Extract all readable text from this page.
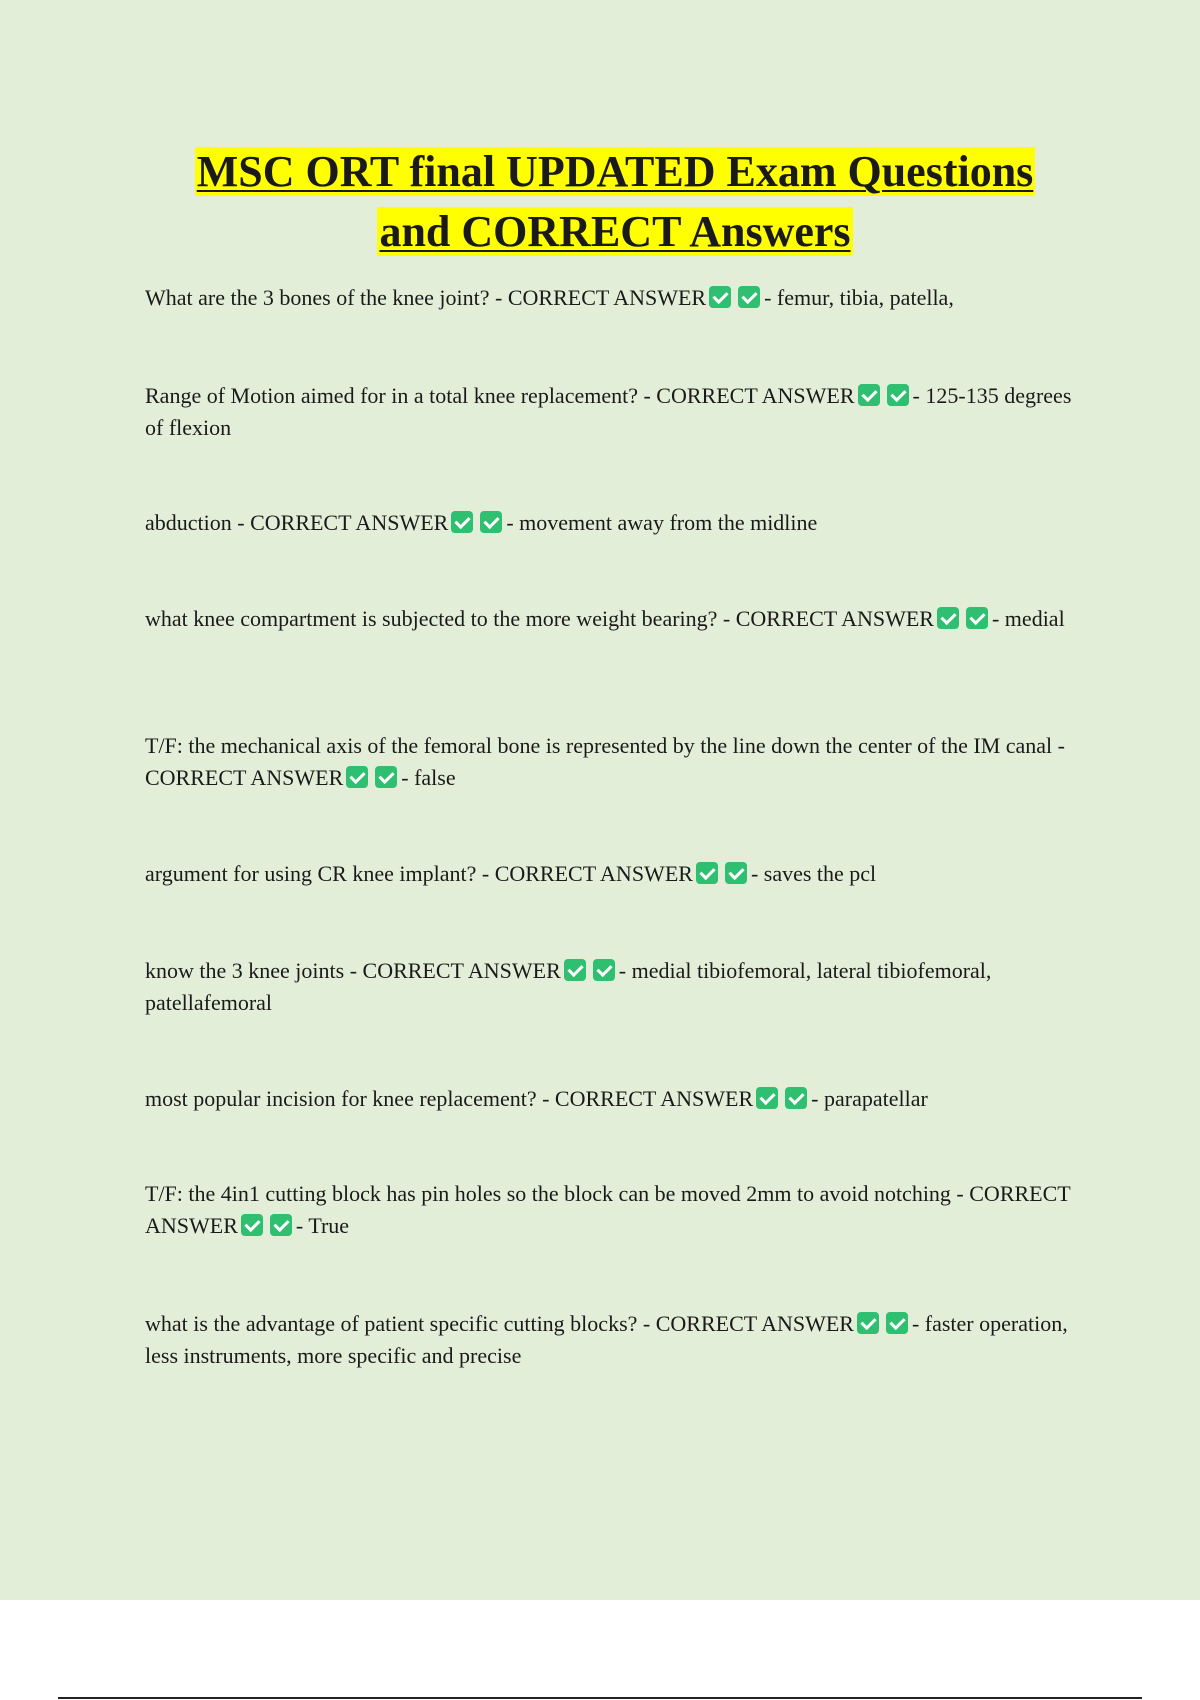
MSC ORT final UPDATED Exam Questions
and CORRECT Answers

What are the 3 bones of the knee joint? - CORRECT ANSWER	- femur, tibia, patella,

Range of Motion aimed for in a total knee replacement? - CORRECT ANSWER	- 125-135 degrees of flexion

abduction - CORRECT ANSWER	- movement away from the midline

what knee compartment is subjected to the more weight bearing? - CORRECT ANSWER	- medial

T/F: the mechanical axis of the femoral bone is represented by the line down the center of the IM canal - CORRECT ANSWER	- false

argument for using CR knee implant? - CORRECT ANSWER	- saves the pcl

know the 3 knee joints - CORRECT ANSWER	- medial tibiofemoral, lateral tibiofemoral, patellafemoral

most popular incision for knee replacement? - CORRECT ANSWER	- parapatellar

T/F: the 4in1 cutting block has pin holes so the block can be moved 2mm to avoid notching - CORRECT ANSWER	- True

what is the advantage of patient specific cutting blocks? - CORRECT ANSWER	- faster operation, less instruments, more specific and precise
